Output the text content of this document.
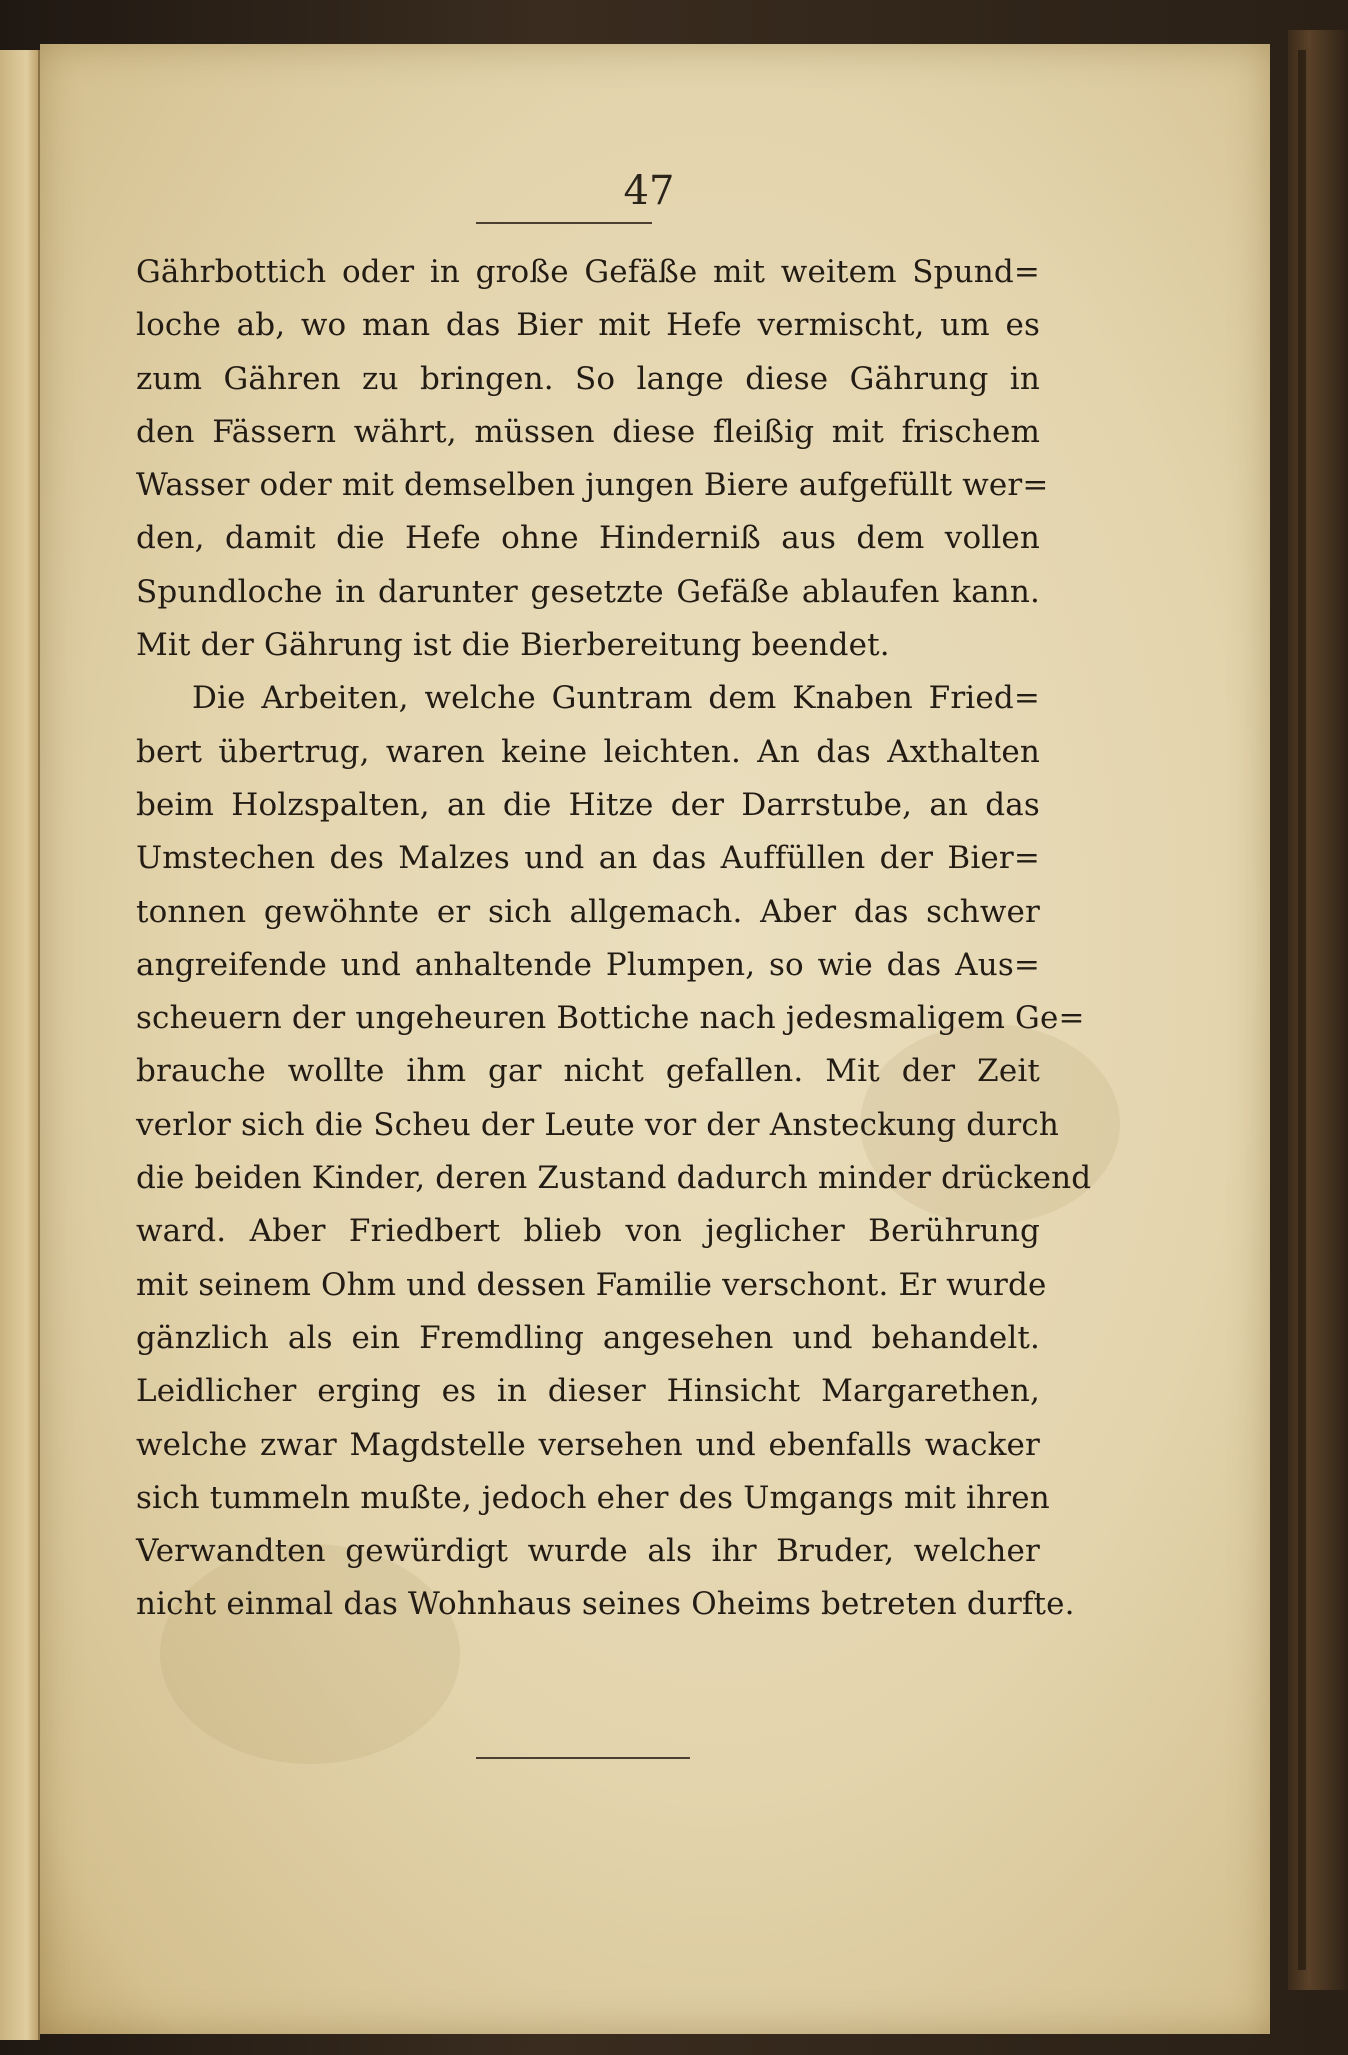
47
Gährbottich oder in große Gefäße mit weitem Spund=
loche ab, wo man das Bier mit Hefe vermischt, um es
zum Gähren zu bringen. So lange diese Gährung in
den Fässern währt, müssen diese fleißig mit frischem
Wasser oder mit demselben jungen Biere aufgefüllt wer=
den, damit die Hefe ohne Hinderniß aus dem vollen
Spundloche in darunter gesetzte Gefäße ablaufen kann.
Mit der Gährung ist die Bierbereitung beendet.
Die Arbeiten, welche Guntram dem Knaben Fried=
bert übertrug, waren keine leichten. An das Axthalten
beim Holzspalten, an die Hitze der Darrstube, an das
Umstechen des Malzes und an das Auffüllen der Bier=
tonnen gewöhnte er sich allgemach. Aber das schwer
angreifende und anhaltende Plumpen, so wie das Aus=
scheuern der ungeheuren Bottiche nach jedesmaligem Ge=
brauche wollte ihm gar nicht gefallen. Mit der Zeit
verlor sich die Scheu der Leute vor der Ansteckung durch
die beiden Kinder, deren Zustand dadurch minder drückend
ward. Aber Friedbert blieb von jeglicher Berührung
mit seinem Ohm und dessen Familie verschont. Er wurde
gänzlich als ein Fremdling angesehen und behandelt.
Leidlicher erging es in dieser Hinsicht Margarethen,
welche zwar Magdstelle versehen und ebenfalls wacker
sich tummeln mußte, jedoch eher des Umgangs mit ihren
Verwandten gewürdigt wurde als ihr Bruder, welcher
nicht einmal das Wohnhaus seines Oheims betreten durfte.
